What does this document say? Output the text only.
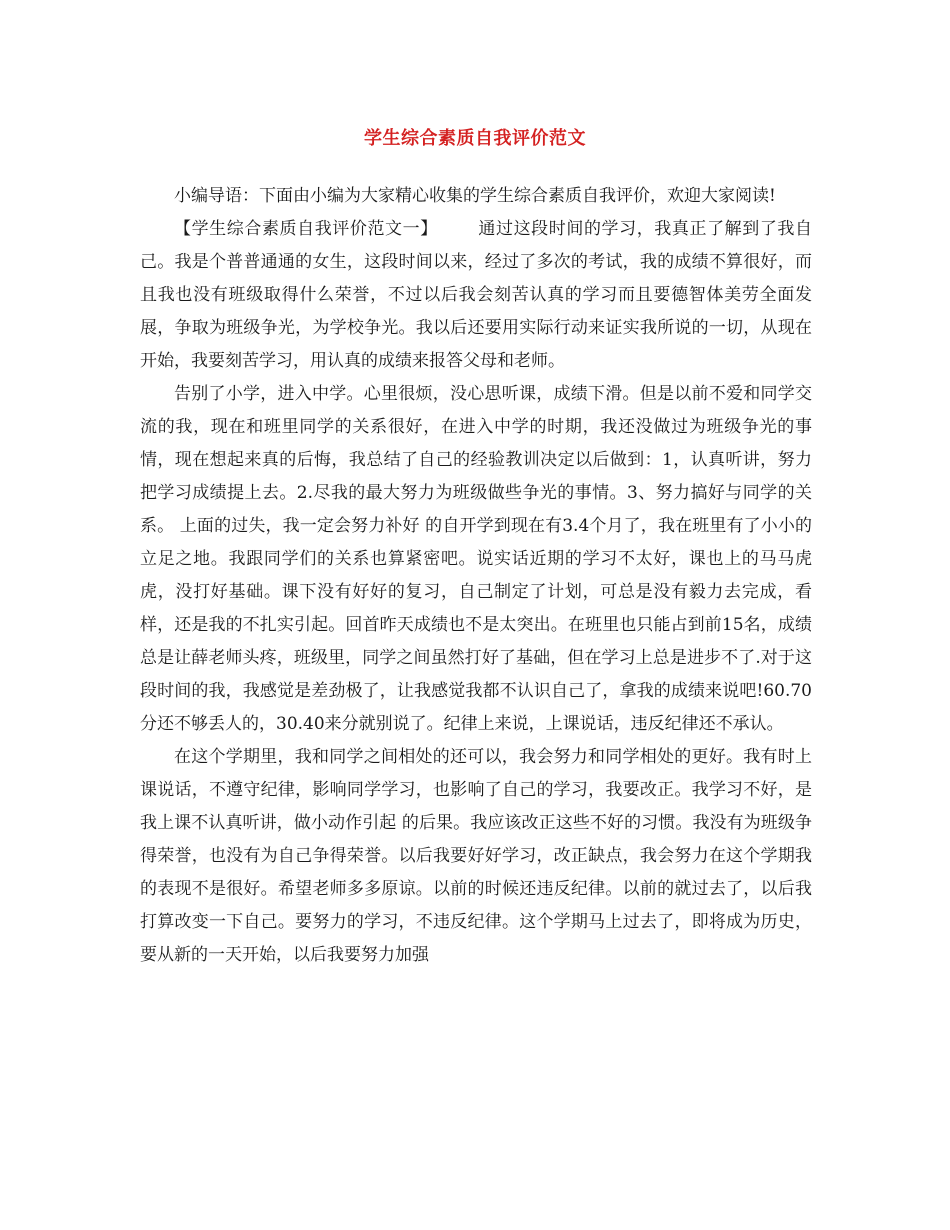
学生综合素质自我评价范文

小编导语：下面由小编为大家精心收集的学生综合素质自我评价，欢迎大家阅读!

【学生综合素质自我评价范文一】 通过这段时间的学习，我真正了解到了我自己。我是个普普通通的女生，这段时间以来，经过了多次的考试，我的成绩不算很好，而且我也没有班级取得什么荣誉，不过以后我会刻苦认真的学习而且要德智体美劳全面发展，争取为班级争光，为学校争光。我以后还要用实际行动来证实我所说的一切，从现在开始，我要刻苦学习，用认真的成绩来报答父母和老师。

告别了小学，进入中学。心里很烦，没心思听课，成绩下滑。但是以前不爱和同学交流的我，现在和班里同学的关系很好，在进入中学的时期，我还没做过为班级争光的事情，现在想起来真的后悔，我总结了自己的经验教训决定以后做到：1，认真听讲，努力把学习成绩提上去。2.尽我的最大努力为班级做些争光的事情。3、努力搞好与同学的关系。 上面的过失，我一定会努力补好 的自开学到现在有3.4个月了，我在班里有了小小的立足之地。我跟同学们的关系也算紧密吧。说实话近期的学习不太好，课也上的马马虎虎，没打好基础。课下没有好好的复习，自己制定了计划，可总是没有毅力去完成，看样，还是我的不扎实引起。回首昨天成绩也不是太突出。在班里也只能占到前15名，成绩总是让薛老师头疼，班级里，同学之间虽然打好了基础，但在学习上总是进步不了.对于这段时间的我，我感觉是差劲极了，让我感觉我都不认识自己了，拿我的成绩来说吧!60.70分还不够丢人的，30.40来分就别说了。纪律上来说，上课说话，违反纪律还不承认。

在这个学期里，我和同学之间相处的还可以，我会努力和同学相处的更好。我有时上课说话，不遵守纪律，影响同学学习，也影响了自己的学习，我要改正。我学习不好，是我上课不认真听讲，做小动作引起 的后果。我应该改正这些不好的习惯。我没有为班级争得荣誉，也没有为自己争得荣誉。以后我要好好学习，改正缺点，我会努力在这个学期我的表现不是很好。希望老师多多原谅。以前的时候还违反纪律。以前的就过去了，以后我打算改变一下自己。要努力的学习，不违反纪律。这个学期马上过去了，即将成为历史，要从新的一天开始，以后我要努力加强
